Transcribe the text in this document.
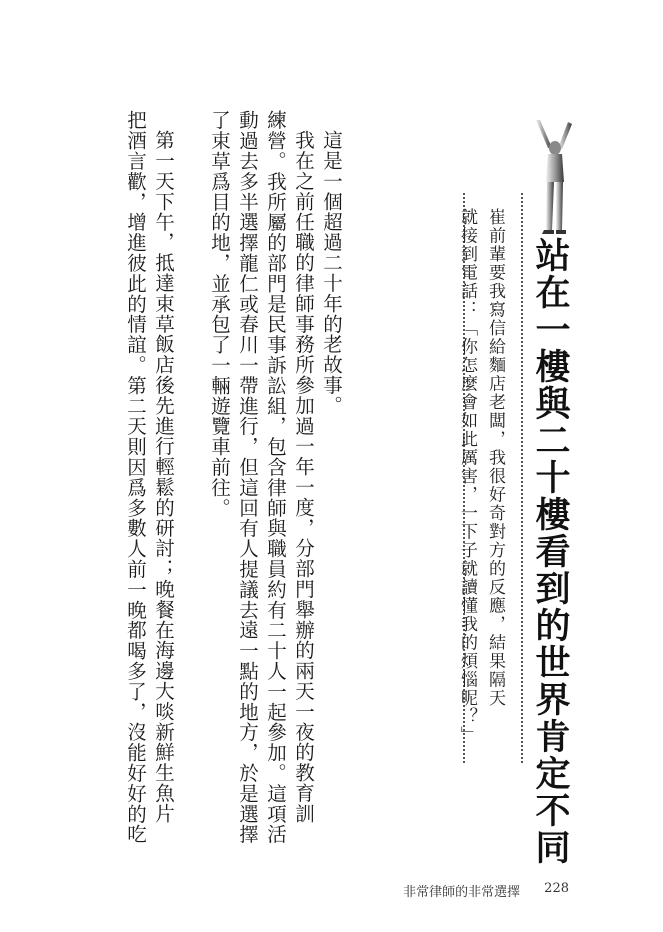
站在一樓與二十樓看到的世界肯定不同

崔前輩要我寫信給麵店老闆，我很好奇對方的反應，結果隔天

就接到電話：「你怎麼會如此厲害，一下子就讀懂我的煩惱呢？」

這是一個超過二十年的老故事。

我在之前任職的律師事務所參加過一年一度，分部門舉辦的兩天一夜的教育訓

練營。我所屬的部門是民事訴訟組，包含律師與職員約有二十人一起參加。這項活

動過去多半選擇龍仁或春川一帶進行，但這回有人提議去遠一點的地方，於是選擇

了束草爲目的地，並承包了一輛遊覽車前往。

第一天下午，抵達束草飯店後先進行輕鬆的研討；晚餐在海邊大啖新鮮生魚片

把酒言歡，增進彼此的情誼。第二天則因爲多數人前一晚都喝多了，沒能好好的吃

非常律師的非常選擇 228
